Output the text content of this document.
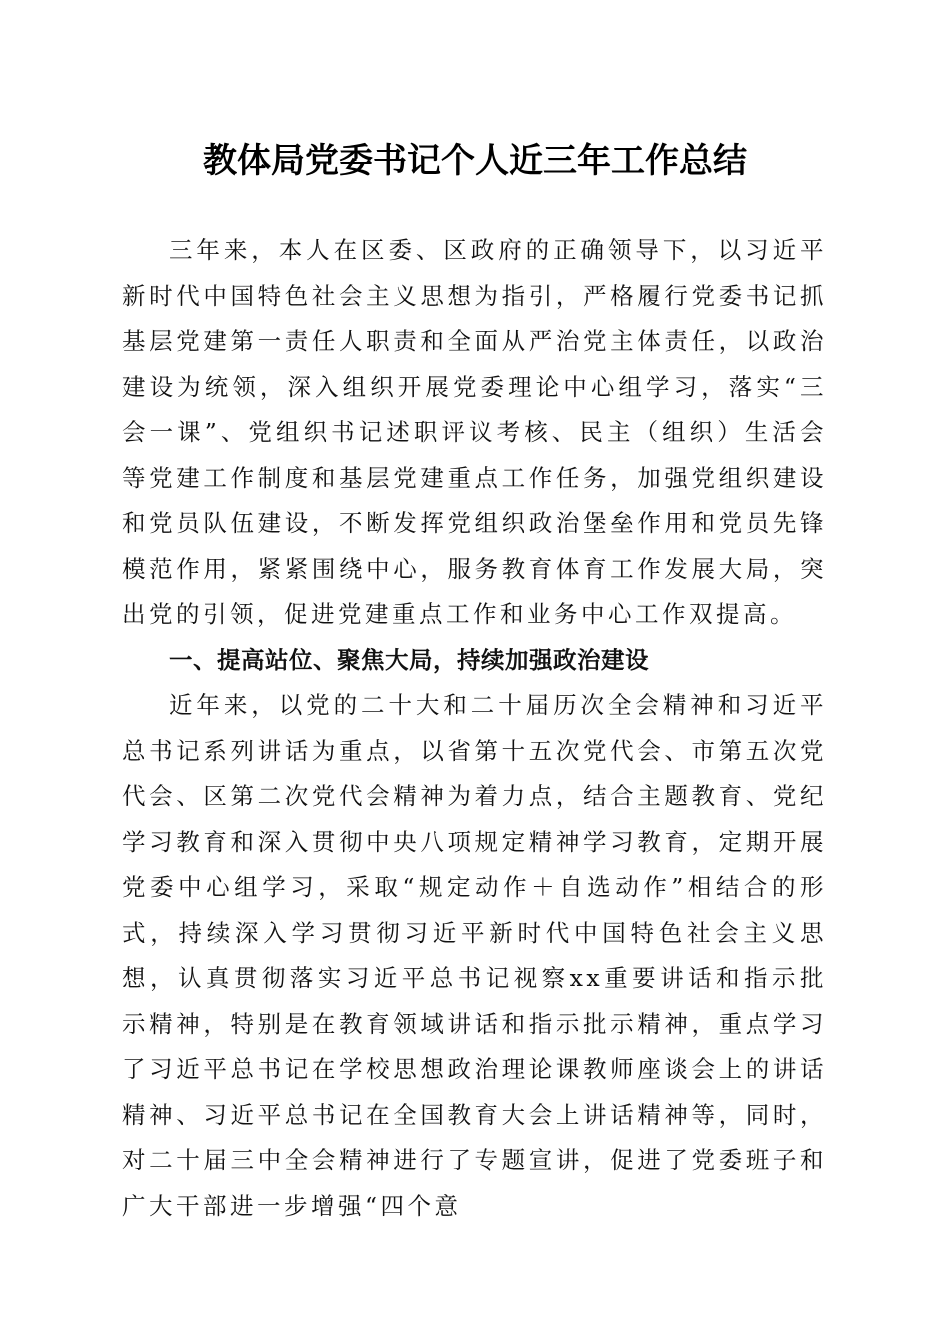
教体局党委书记个人近三年工作总结

三年来，本人在区委、区政府的正确领导下，以习近平新时代中国特色社会主义思想为指引，严格履行党委书记抓基层党建第一责任人职责和全面从严治党主体责任，以政治建设为统领，深入组织开展党委理论中心组学习，落实“三会一课”、党组织书记述职评议考核、民主（组织）生活会等党建工作制度和基层党建重点工作任务，加强党组织建设和党员队伍建设，不断发挥党组织政治堡垒作用和党员先锋模范作用，紧紧围绕中心，服务教育体育工作发展大局，突出党的引领，促进党建重点工作和业务中心工作双提高。

一、提高站位、聚焦大局，持续加强政治建设

近年来，以党的二十大和二十届历次全会精神和习近平总书记系列讲话为重点，以省第十五次党代会、市第五次党代会、区第二次党代会精神为着力点，结合主题教育、党纪学习教育和深入贯彻中央八项规定精神学习教育，定期开展党委中心组学习，采取“规定动作＋自选动作”相结合的形式，持续深入学习贯彻习近平新时代中国特色社会主义思想，认真贯彻落实习近平总书记视察xx重要讲话和指示批示精神，特别是在教育领域讲话和指示批示精神，重点学习了习近平总书记在学校思想政治理论课教师座谈会上的讲话精神、习近平总书记在全国教育大会上讲话精神等，同时，对二十届三中全会精神进行了专题宣讲，促进了党委班子和广大干部进一步增强“四个意
